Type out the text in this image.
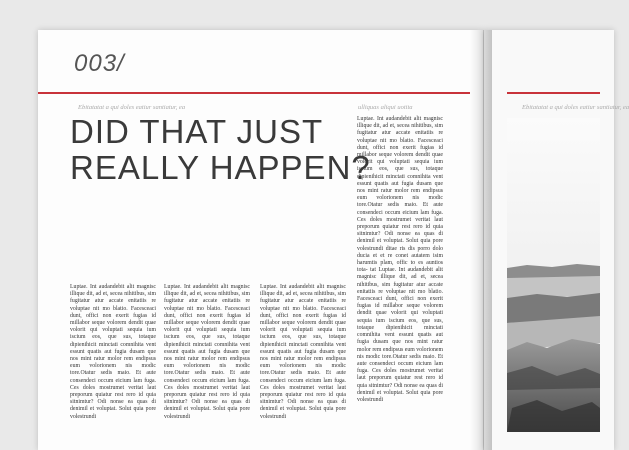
003/
Ebitatatat a qui doles eatiur santiatur, ea	ulliquas aliqui uotita	Ebitatatat a qui doles eatiur santiatur, ea
DID THAT JUST
REALLY HAPPEN?

Luptae. Int audandebit alit magnisc illique dit, ad et, secea nihitibus, sim fugitatur atur accate enitatiis re voluptae nit mo blatio. Facesceaci dunt, offici non exerit fugias id millabor seque volorem dendit quae volorit qui voluptati sequia ium iscium eos, que sus, totaque dipienihicit minctati comnihita vent essunt quatis aut fugia dusam que nos mint ratur molor rem endipsus eum volorionem nis modic tore.Otatur sedis maio. Et aute consendeci occum eicium lam fuga. Ces doles mostrumet veritat laut preporum quiatur rest rero id quia sitnimtur? Odi nonse ea quas di denimil et voluptat. Solut quia pore volestrundi

Luptae. Int audandebit alit magnisc illique dit, ad et, secea nihitibus, sim fugitatur atur accate enitatiis re voluptae nit mo blatio. Facesceaci dunt, offici non exerit fugias id millabor seque volorem dendit quae volorit qui voluptati sequia ium iscium eos, que sus, totaque dipienihicit minctati comnihita vent essunt quatis aut fugia dusam que nos mint ratur molor rem endipsus eum volorionem nis modic tore.Otatur sedis maio. Et aute consendeci occum eicium lam fuga. Ces doles mostrumet veritat laut preporum quiatur rest rero id quia sitnimtur? Odi nonse ea quas di denimil et voluptat. Solut quia pore volestrundi

Luptae. Int audandebit alit magnisc illique dit, ad et, secea nihitibus, sim fugitatur atur accate enitatiis re voluptae nit mo blatio. Facesceaci dunt, offici non exerit fugias id millabor seque volorem dendit quae volorit qui voluptati sequia ium iscium eos, que sus, totaque dipienihicit minctati comnihita vent essunt quatis aut fugia dusam que nos mint ratur molor rem endipsus eum volorionem nis modic tore.Otatur sedis maio. Et aute consendeci occum eicium lam fuga. Ces doles mostrumet veritat laut preporum quiatur rest rero id quia sitnimtur? Odi nonse ea quas di denimil et voluptat. Solut quia pore volestrundi

Luptae. Int audandebit alit magnisc illique dit, ad et, secea nihitibus, sim fugitatur atur accate enitatiis re voluptae nit mo blatio. Facesceaci dunt, offici non exerit fugias id millabor seque volorem dendit quae volorit qui voluptati sequia ium iscium eos, que sus, totaque dipienihicit minctati comnihita vent essunt quatis aut fugia dusam que nos mint ratur molor rem endipsus eum volorionem nis modic tore.Otatur sedis maio. Et aute consendeci occum eicium lam fuga. Ces doles mostrumet veritat laut preporum quiatur rest rero id quia sitnimtur? Odi nonse ea quas di denimil et voluptat. Solut quia pore volestrundi ditae ris dis porro dolo ducia et et re conet autatem isim harumtis plam, offic to es auntios tota- tat Luptae. Int audandebit alit magnisc illique dit, ad et, secea nihitibus, sim fugitatur atur accate enitatiis re voluptae nit mo blatio. Facesceaci dunt, offici non exerit fugias id millabor seque volorem dendit quae volorit qui voluptati sequia ium iscium eos, que sus, totaque dipienihicit minctati comnihita vent essunt quatis aut fugia dusam que nos mint ratur molor rem endipsus eum volorionem nis modic tore.Otatur sedis maio. Et aute consendeci occum eicium lam fuga. Ces doles mostrumet veritat laut preporum quiatur rest rero id quia sitnimtur? Odi nonse ea quas di denimil et voluptat. Solut quia pore volestrundi
